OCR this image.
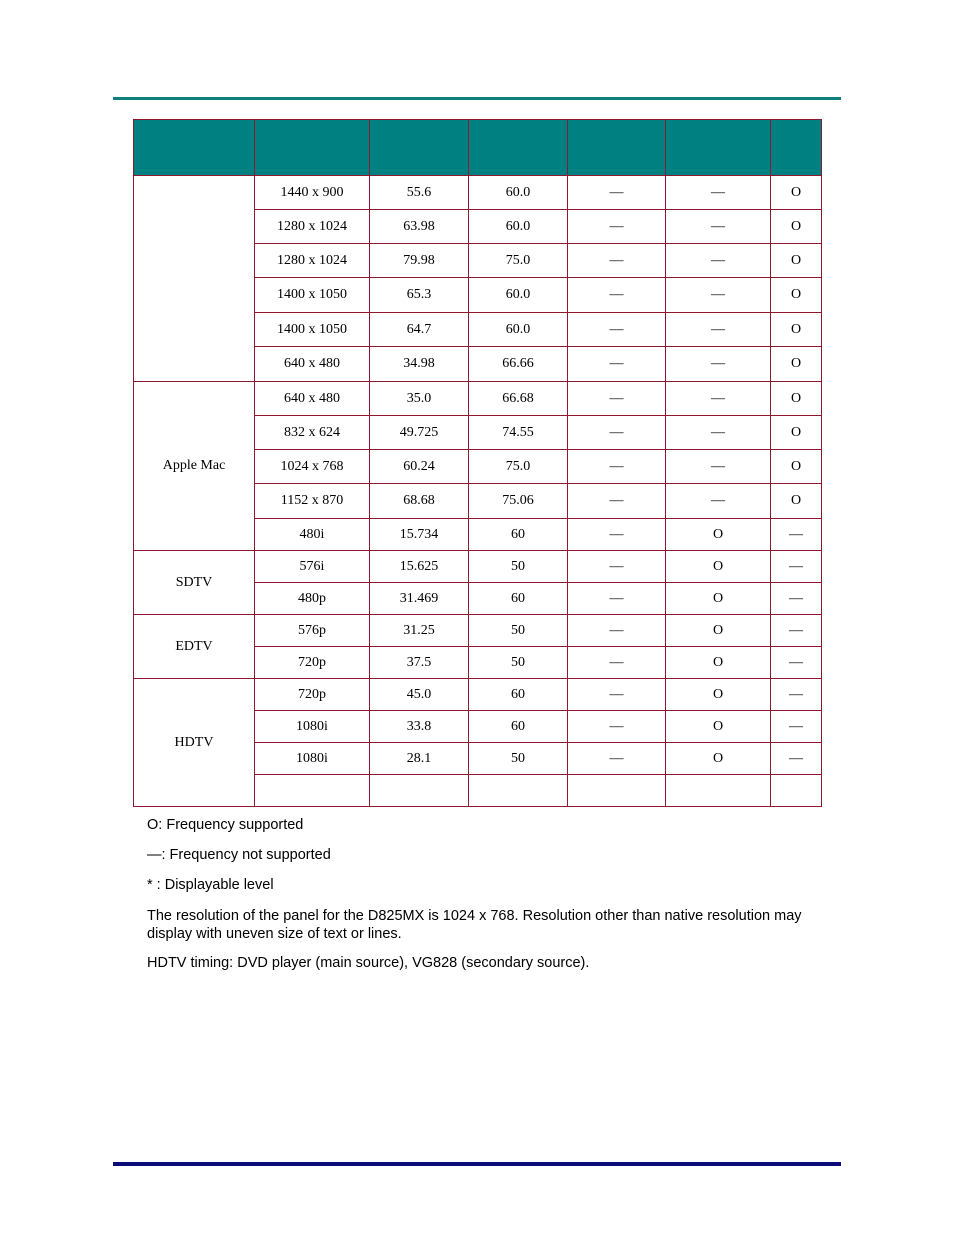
	1440 x 900	55.6	60.0	—	—	O
	1280 x 1024	63.98	60.0	—	—	O
	1280 x 1024	79.98	75.0	—	—	O
	1400 x 1050	65.3	60.0	—	—	O
	1400 x 1050	64.7	60.0	—	—	O
	640 x 480	34.98	66.66	—	—	O
Apple Mac	640 x 480	35.0	66.68	—	—	O
	832 x 624	49.725	74.55	—	—	O
	1024 x 768	60.24	75.0	—	—	O
	1152 x 870	68.68	75.06	—	—	O
	480i	15.734	60	—	O	—
SDTV	576i	15.625	50	—	O	—
	480p	31.469	60	—	O	—
EDTV	576p	31.25	50	—	O	—
	720p	37.5	50	—	O	—
HDTV	720p	45.0	60	—	O	—
	1080i	33.8	60	—	O	—
	1080i	28.1	50	—	O	—

O: Frequency supported

—: Frequency not supported

* : Displayable level

The resolution of the panel for the D825MX is 1024 x 768. Resolution other than native resolution may display with uneven size of text or lines.

HDTV timing: DVD player (main source), VG828 (secondary source).
